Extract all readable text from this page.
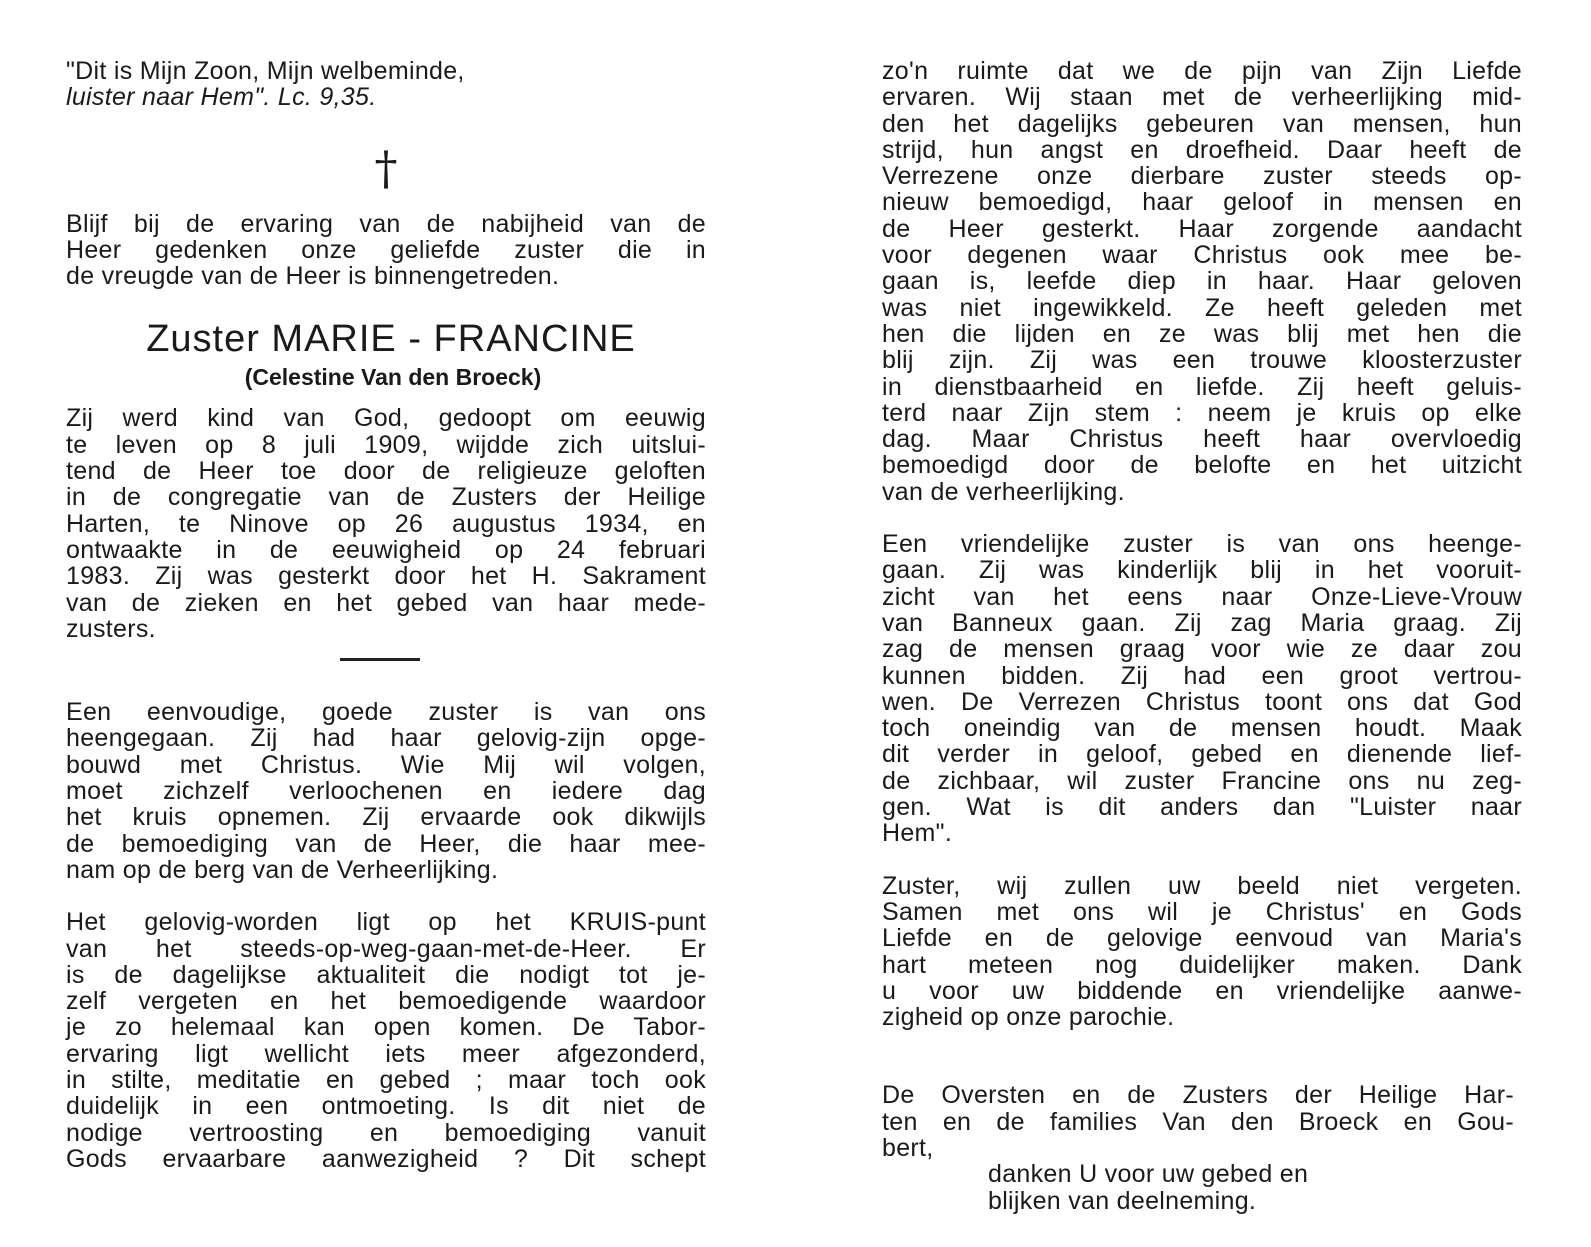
"Dit is Mijn Zoon, Mijn welbeminde,
luister naar Hem". Lc. 9,35.
†
Blijf bij de ervaring van de nabijheid van de
Heer gedenken onze geliefde zuster die in
de vreugde van de Heer is binnengetreden.
Zuster MARIE - FRANCINE
(Celestine Van den Broeck)
Zij werd kind van God, gedoopt om eeuwig
te leven op 8 juli 1909, wijdde zich uitslui-
tend de Heer toe door de religieuze geloften
in de congregatie van de Zusters der Heilige
Harten, te Ninove op 26 augustus 1934, en
ontwaakte in de eeuwigheid op 24 februari
1983. Zij was gesterkt door het H. Sakrament
van de zieken en het gebed van haar mede-
zusters.
Een eenvoudige, goede zuster is van ons
heengegaan. Zij had haar gelovig-zijn opge-
bouwd met Christus. Wie Mij wil volgen,
moet zichzelf verloochenen en iedere dag
het kruis opnemen. Zij ervaarde ook dikwijls
de bemoediging van de Heer, die haar mee-
nam op de berg van de Verheerlijking.
Het gelovig-worden ligt op het KRUIS-punt
van het steeds-op-weg-gaan-met-de-Heer. Er
is de dagelijkse aktualiteit die nodigt tot je-
zelf vergeten en het bemoedigende waardoor
je zo helemaal kan open komen. De Tabor-
ervaring ligt wellicht iets meer afgezonderd,
in stilte, meditatie en gebed ; maar toch ook
duidelijk in een ontmoeting. Is dit niet de
nodige vertroosting en bemoediging vanuit
Gods ervaarbare aanwezigheid ? Dit schept
zo'n ruimte dat we de pijn van Zijn Liefde
ervaren. Wij staan met de verheerlijking mid-
den het dagelijks gebeuren van mensen, hun
strijd, hun angst en droefheid. Daar heeft de
Verrezene onze dierbare zuster steeds op-
nieuw bemoedigd, haar geloof in mensen en
de Heer gesterkt. Haar zorgende aandacht
voor degenen waar Christus ook mee be-
gaan is, leefde diep in haar. Haar geloven
was niet ingewikkeld. Ze heeft geleden met
hen die lijden en ze was blij met hen die
blij zijn. Zij was een trouwe kloosterzuster
in dienstbaarheid en liefde. Zij heeft geluis-
terd naar Zijn stem : neem je kruis op elke
dag. Maar Christus heeft haar overvloedig
bemoedigd door de belofte en het uitzicht
van de verheerlijking.
Een vriendelijke zuster is van ons heenge-
gaan. Zij was kinderlijk blij in het vooruit-
zicht van het eens naar Onze-Lieve-Vrouw
van Banneux gaan. Zij zag Maria graag. Zij
zag de mensen graag voor wie ze daar zou
kunnen bidden. Zij had een groot vertrou-
wen. De Verrezen Christus toont ons dat God
toch oneindig van de mensen houdt. Maak
dit verder in geloof, gebed en dienende lief-
de zichbaar, wil zuster Francine ons nu zeg-
gen. Wat is dit anders dan "Luister naar
Hem".
Zuster, wij zullen uw beeld niet vergeten.
Samen met ons wil je Christus' en Gods
Liefde en de gelovige eenvoud van Maria's
hart meteen nog duidelijker maken. Dank
u voor uw biddende en vriendelijke aanwe-
zigheid op onze parochie.
De Oversten en de Zusters der Heilige Har-
ten en de families Van den Broeck en Gou-
bert,
danken U voor uw gebed en
blijken van deelneming.
